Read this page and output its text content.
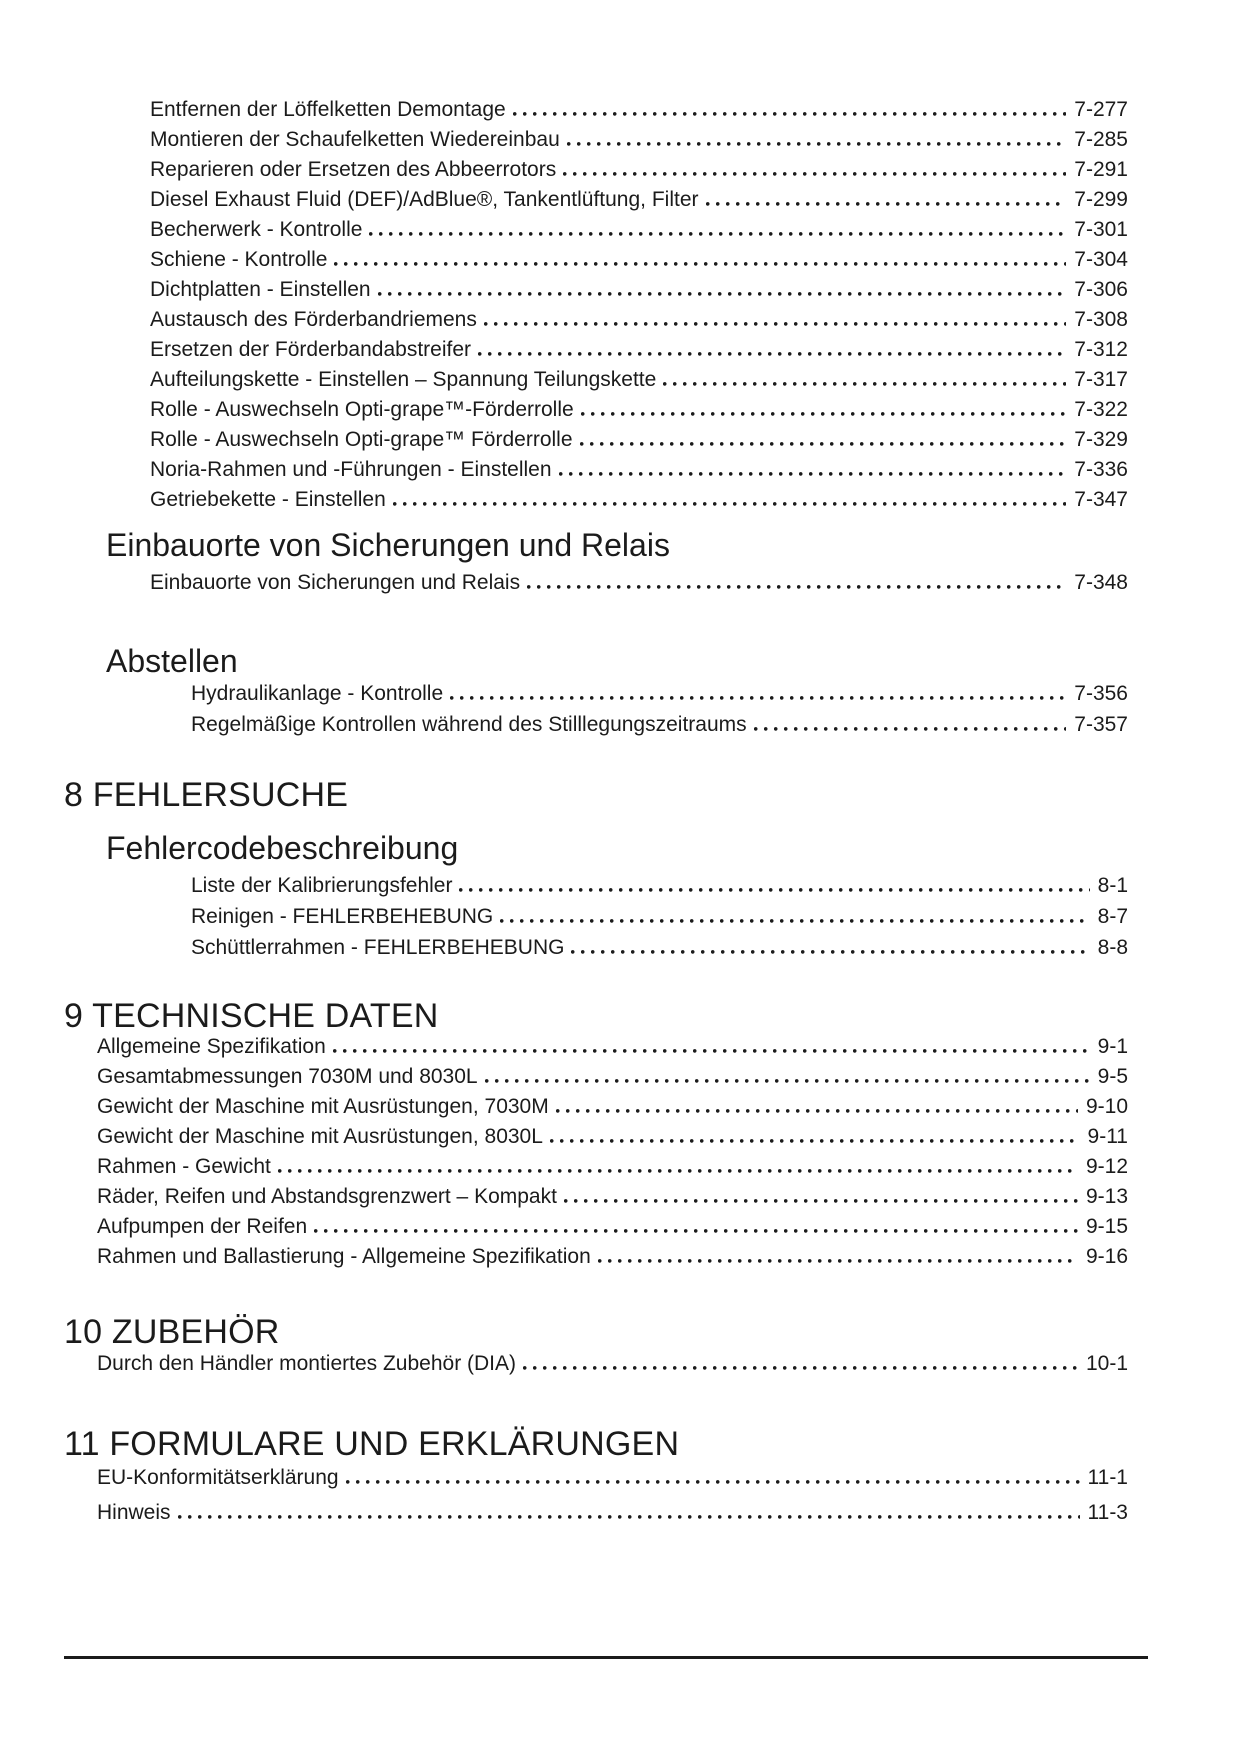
Entfernen der Löffelketten Demontage	7-277
Montieren der Schaufelketten Wiedereinbau	7-285
Reparieren oder Ersetzen des Abbeerrotors	7-291
Diesel Exhaust Fluid (DEF)/AdBlue®, Tankentlüftung, Filter	7-299
Becherwerk - Kontrolle	7-301
Schiene - Kontrolle	7-304
Dichtplatten - Einstellen	7-306
Austausch des Förderbandriemens	7-308
Ersetzen der Förderbandabstreifer	7-312
Aufteilungskette - Einstellen – Spannung Teilungskette	7-317
Rolle - Auswechseln Opti-grape™-Förderrolle	7-322
Rolle - Auswechseln Opti-grape™ Förderrolle	7-329
Noria-Rahmen und -Führungen - Einstellen	7-336
Getriebekette - Einstellen	7-347
Einbauorte von Sicherungen und Relais
Einbauorte von Sicherungen und Relais	7-348
Abstellen
Hydraulikanlage - Kontrolle	7-356
Regelmäßige Kontrollen während des Stilllegungszeitraums	7-357
8 FEHLERSUCHE
Fehlercodebeschreibung
Liste der Kalibrierungsfehler	8-1
Reinigen - FEHLERBEHEBUNG	8-7
Schüttlerrahmen - FEHLERBEHEBUNG	8-8
9 TECHNISCHE DATEN
Allgemeine Spezifikation	9-1
Gesamtabmessungen 7030M und 8030L	9-5
Gewicht der Maschine mit Ausrüstungen, 7030M	9-10
Gewicht der Maschine mit Ausrüstungen, 8030L	9-11
Rahmen - Gewicht	9-12
Räder, Reifen und Abstandsgrenzwert – Kompakt	9-13
Aufpumpen der Reifen	9-15
Rahmen und Ballastierung - Allgemeine Spezifikation	9-16
10 ZUBEHÖR
Durch den Händler montiertes Zubehör (DIA)	10-1
11 FORMULARE UND ERKLÄRUNGEN
EU-Konformitätserklärung	11-1
Hinweis	11-3
